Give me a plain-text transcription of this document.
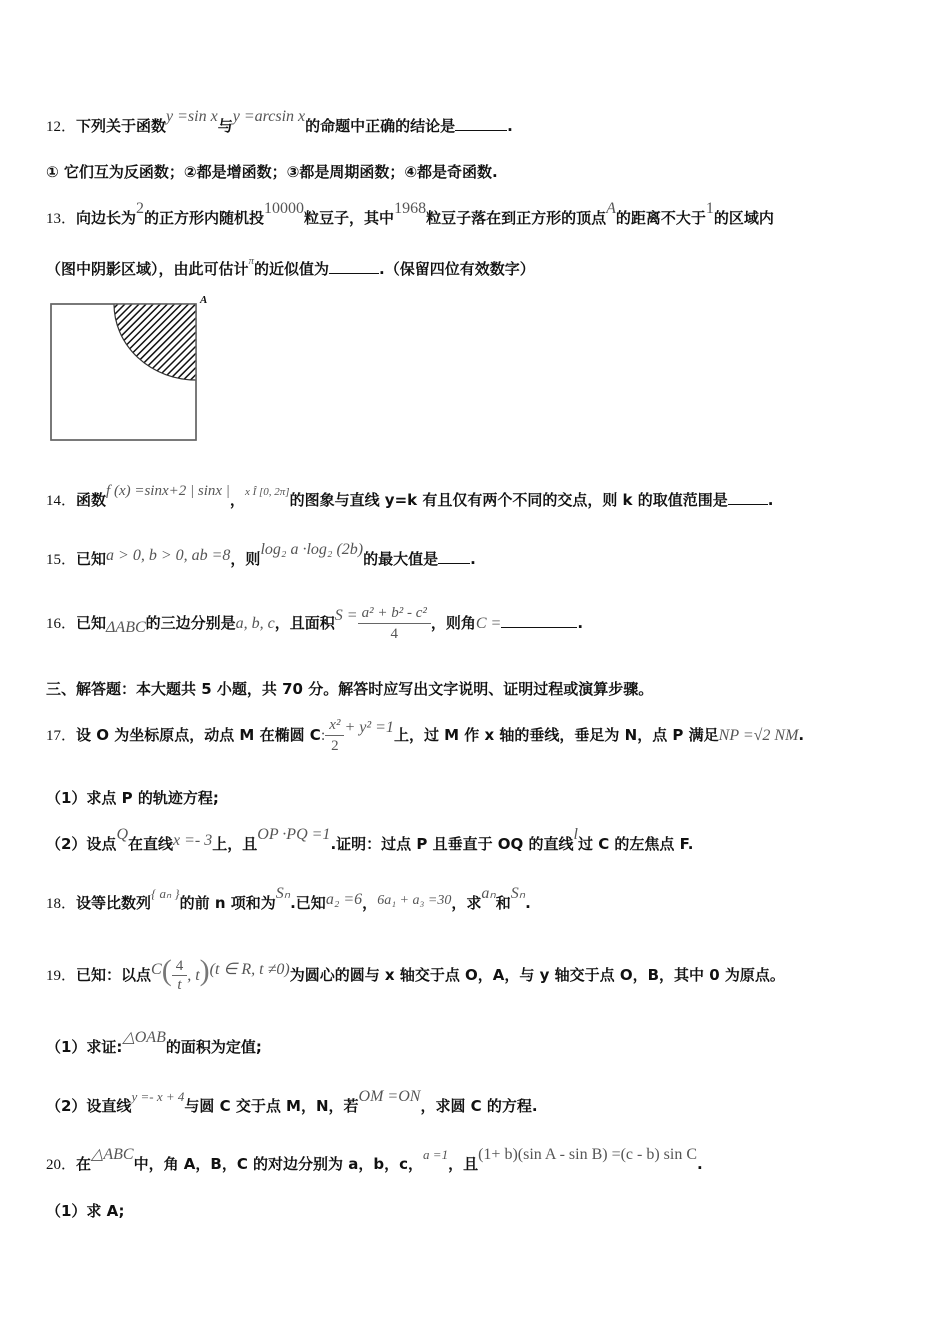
12．下列关于函数y =sin x与y =arcsin x的命题中正确的结论是	.
① 它们互为反函数；②都是增函数；③都是周期函数；④都是奇函数.
13．向边长为2的正方形内随机投10000粒豆子，其中1968粒豆子落在到正方形的顶点A的距离不大于1的区域内
（图中阴影区域），由此可估计π的近似值为	.（保留四位有效数字）
A
14．函数f (x) =sinx+2 | sinx |，x Î [0, 2π]的图象与直线 y=k 有且仅有两个不同的交点，则 k 的取值范围是	.
15．已知a > 0, b > 0, ab =8，则log₂ a ·log₂ (2b)的最大值是 .
16．已知ΔABC的三边分别是a, b, c，且面积$S = \frac{\text{a² + b² - c²}}{4}$ ，则角C =	.
三、解答题：本大题共 5 小题，共 70 分。解答时应写出文字说明、证明过程或演算步骤。
17．设 O 为坐标原点，动点 M 在椭圆 C: $\frac{\text{x²}}{2} + y^2 =1$上，过 M 作 x 轴的垂线，垂足为 N，点 P 满足NP =√2 NM.
（1）求点 P 的轨迹方程;
（2）设点Q在直线x =- 3上，且OP ·PQ =1.证明：过点 P 且垂直于 OQ 的直线l过 C 的左焦点 F.
18．设等比数列{ aₙ }的前 n 项和为Sₙ.已知a₂ =6，6a₁ + a₃ =30，求aₙ和Sₙ.
19．已知：以点$C( \frac{4}{t}$ , t)(t ∈ R, t ≠0)为圆心的圆与 x 轴交于点 O，A，与 y 轴交于点 O，B，其中 0 为原点。
（1）求证:△OAB的面积为定值;
（2）设直线y =- x + 4与圆 C 交于点 M，N，若OM =ON，求圆 C 的方程.
20．在△ABC中，角 A，B，C 的对边分别为 a，b，c，a =1，且(1+ b)(sin A - sin B) =(c - b) sin C.
（1）求 A;
